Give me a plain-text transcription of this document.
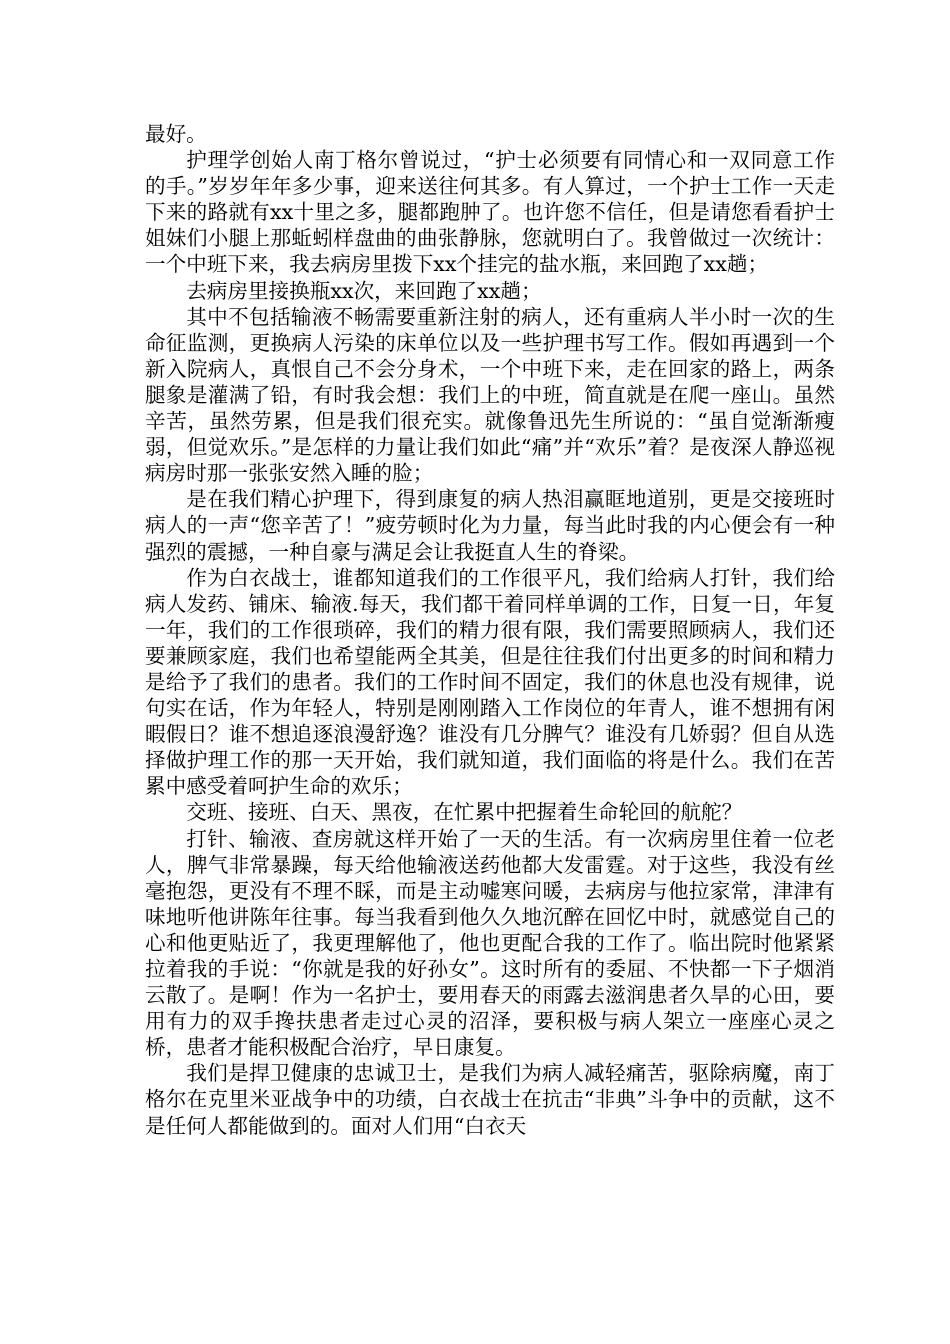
最好。

护理学创始人南丁格尔曾说过，“护士必须要有同情心和一双同意工作的手。”岁岁年年多少事，迎来送往何其多。有人算过，一个护士工作一天走下来的路就有xx十里之多，腿都跑肿了。也许您不信任，但是请您看看护士姐妹们小腿上那蚯蚓样盘曲的曲张静脉，您就明白了。我曾做过一次统计：一个中班下来，我去病房里拨下xx个挂完的盐水瓶，来回跑了xx趟；

去病房里接换瓶xx次，来回跑了xx趟；

其中不包括输液不畅需要重新注射的病人，还有重病人半小时一次的生命征监测，更换病人污染的床单位以及一些护理书写工作。假如再遇到一个新入院病人，真恨自己不会分身术，一个中班下来，走在回家的路上，两条腿象是灌满了铅，有时我会想：我们上的中班，简直就是在爬一座山。虽然辛苦，虽然劳累，但是我们很充实。就像鲁迅先生所说的：“虽自觉渐渐瘦弱，但觉欢乐。”是怎样的力量让我们如此“痛”并“欢乐”着？是夜深人静巡视病房时那一张张安然入睡的脸；

是在我们精心护理下，得到康复的病人热泪赢眶地道别，更是交接班时病人的一声“您辛苦了！”疲劳顿时化为力量，每当此时我的内心便会有一种强烈的震撼，一种自豪与满足会让我挺直人生的脊梁。

作为白衣战士，谁都知道我们的工作很平凡，我们给病人打针，我们给病人发药、铺床、输液.每天，我们都干着同样单调的工作，日复一日，年复一年，我们的工作很琐碎，我们的精力很有限，我们需要照顾病人，我们还要兼顾家庭，我们也希望能两全其美，但是往往我们付出更多的时间和精力是给予了我们的患者。我们的工作时间不固定，我们的休息也没有规律，说句实在话，作为年轻人，特别是刚刚踏入工作岗位的年青人，谁不想拥有闲暇假日？谁不想追逐浪漫舒逸？谁没有几分脾气？谁没有几娇弱？但自从选择做护理工作的那一天开始，我们就知道，我们面临的将是什么。我们在苦累中感受着呵护生命的欢乐；

交班、接班、白天、黑夜，在忙累中把握着生命轮回的航舵？

打针、输液、查房就这样开始了一天的生活。有一次病房里住着一位老人，脾气非常暴躁，每天给他输液送药他都大发雷霆。对于这些，我没有丝毫抱怨，更没有不理不睬，而是主动嘘寒问暖，去病房与他拉家常，津津有味地听他讲陈年往事。每当我看到他久久地沉醉在回忆中时，就感觉自己的心和他更贴近了，我更理解他了，他也更配合我的工作了。临出院时他紧紧拉着我的手说：“你就是我的好孙女”。这时所有的委屈、不快都一下子烟消云散了。是啊！作为一名护士，要用春天的雨露去滋润患者久旱的心田，要用有力的双手搀扶患者走过心灵的沼泽，要积极与病人架立一座座心灵之桥，患者才能积极配合治疗，早日康复。

我们是捍卫健康的忠诚卫士，是我们为病人减轻痛苦，驱除病魔，南丁格尔在克里米亚战争中的功绩，白衣战士在抗击“非典”斗争中的贡献，这不是任何人都能做到的。面对人们用“白衣天
